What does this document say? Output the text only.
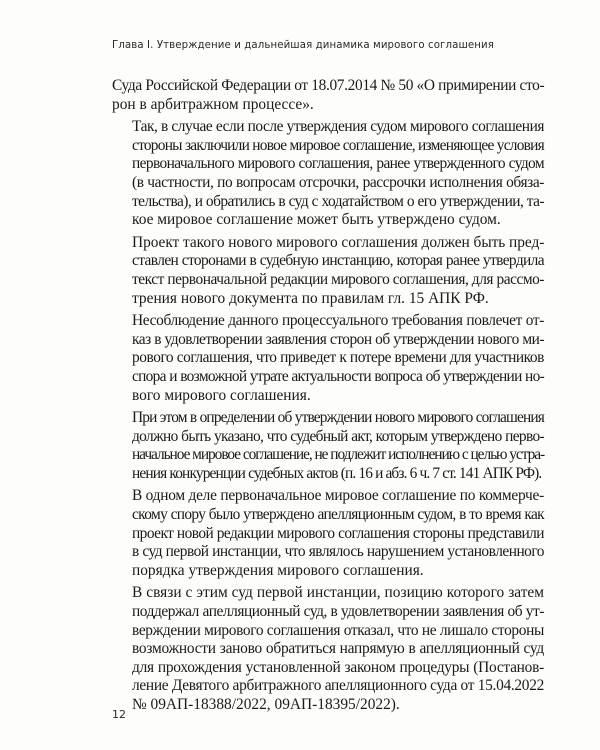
Глава I. Утверждение и дальнейшая динамика мирового соглашения

Суда Российской Федерации от 18.07.2014 № 50 «О примирении сто-
рон в арбитражном процессе».

Так, в случае если после утверждения судом мирового соглашения
стороны заключили новое мировое соглашение, изменяющее условия
первоначального мирового соглашения, ранее утвержденного судом
(в частности, по вопросам отсрочки, рассрочки исполнения обяза-
тельства), и обратились в суд с ходатайством о его утверждении, та-
кое мировое соглашение может быть утверждено судом.

Проект такого нового мирового соглашения должен быть пред-
ставлен сторонами в судебную инстанцию, которая ранее утвердила
текст первоначальной редакции мирового соглашения, для рассмо-
трения нового документа по правилам гл. 15 АПК РФ.

Несоблюдение данного процессуального требования повлечет от-
каз в удовлетворении заявления сторон об утверждении нового ми-
рового соглашения, что приведет к потере времени для участников
спора и возможной утрате актуальности вопроса об утверждении но-
вого мирового соглашения.

При этом в определении об утверждении нового мирового соглашения
должно быть указано, что судебный акт, которым утверждено перво-
начальное мировое соглашение, не подлежит исполнению с целью устра-
нения конкуренции судебных актов (п. 16 и абз. 6 ч. 7 ст. 141 АПК РФ).

В одном деле первоначальное мировое соглашение по коммерче-
скому спору было утверждено апелляционным судом, в то время как
проект новой редакции мирового соглашения стороны представили
в суд первой инстанции, что являлось нарушением установленного
порядка утверждения мирового соглашения.

В связи с этим суд первой инстанции, позицию которого затем
поддержал апелляционный суд, в удовлетворении заявления об ут-
верждении мирового соглашения отказал, что не лишало стороны
возможности заново обратиться напрямую в апелляционный суд
для прохождения установленной законом процедуры (Постанов-
ление Девятого арбитражного апелляционного суда от 15.04.2022
№ 09АП-18388/2022, 09АП-18395/2022).

12
